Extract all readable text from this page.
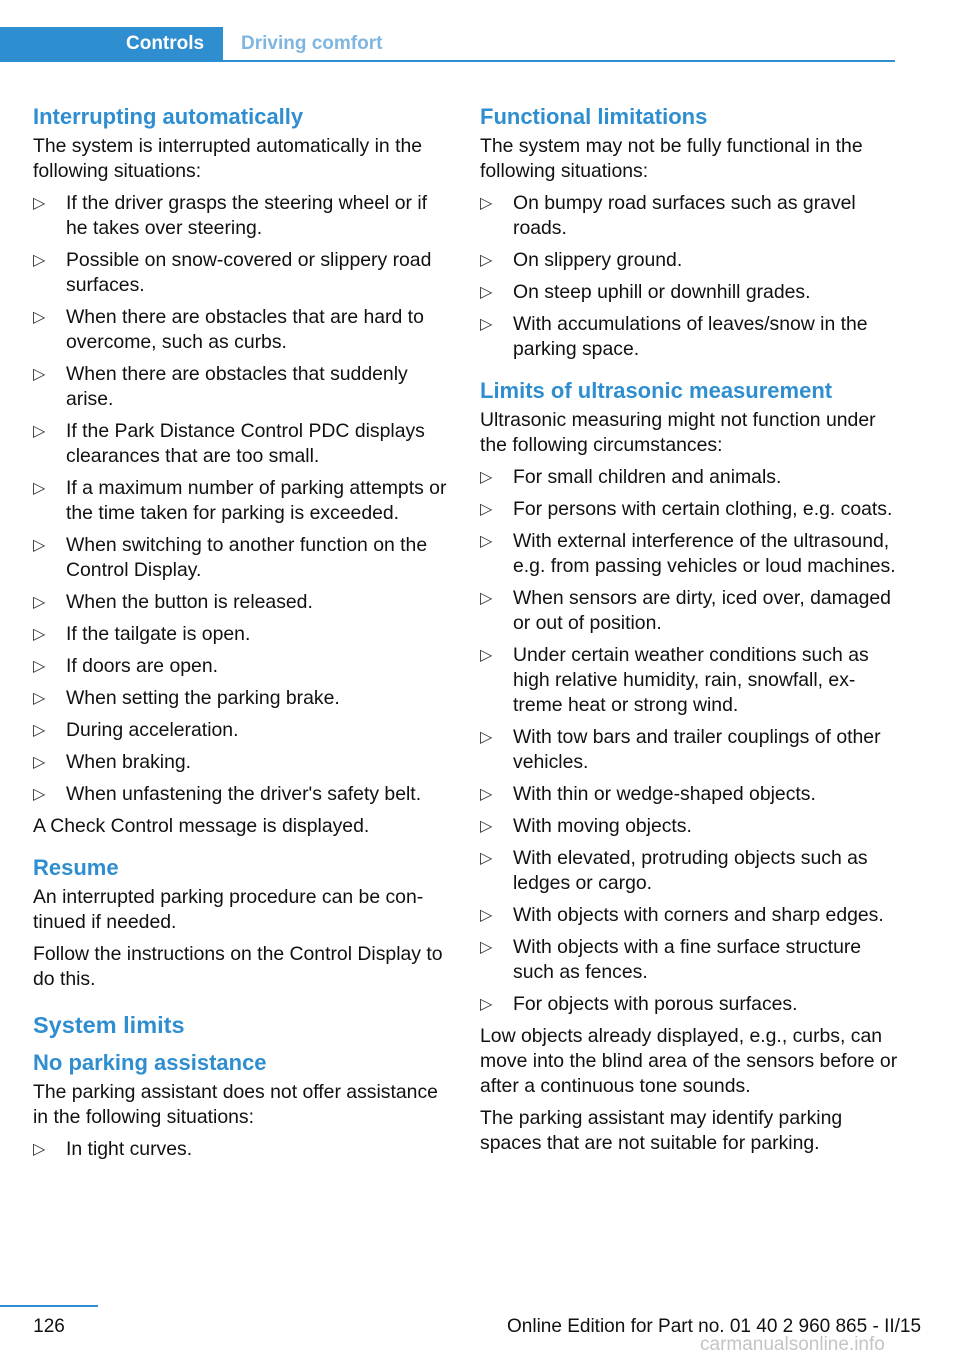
Controls	Driving comfort
Interrupting automatically

The system is interrupted automatically in the following situations:

▷	If the driver grasps the steering wheel or if he takes over steering.
▷	Possible on snow-covered or slippery road surfaces.
▷	When there are obstacles that are hard to overcome, such as curbs.
▷	When there are obstacles that suddenly arise.
▷	If the Park Distance Control PDC displays clearances that are too small.
▷	If a maximum number of parking attempts or the time taken for parking is exceeded.
▷	When switching to another function on the Control Display.
▷	When the button is released.
▷	If the tailgate is open.
▷	If doors are open.
▷	When setting the parking brake.
▷	During acceleration.
▷	When braking.
▷	When unfastening the driver's safety belt.

A Check Control message is displayed.

Resume

An interrupted parking procedure can be continued if needed.

Follow the instructions on the Control Display to do this.

System limits
No parking assistance

The parking assistant does not offer assistance in the following situations:

▷	In tight curves.
Functional limitations

The system may not be fully functional in the following situations:

▷	On bumpy road surfaces such as gravel roads.
▷	On slippery ground.
▷	On steep uphill or downhill grades.
▷	With accumulations of leaves/snow in the parking space.
Limits of ultrasonic measurement

Ultrasonic measuring might not function under the following circumstances:

▷	For small children and animals.
▷	For persons with certain clothing, e.g. coats.
▷	With external interference of the ultrasound, e.g. from passing vehicles or loud machines.
▷	When sensors are dirty, iced over, damaged or out of position.
▷	Under certain weather conditions such as high relative humidity, rain, snowfall, extreme heat or strong wind.
▷	With tow bars and trailer couplings of other vehicles.
▷	With thin or wedge-shaped objects.
▷	With moving objects.
▷	With elevated, protruding objects such as ledges or cargo.
▷	With objects with corners and sharp edges.
▷	With objects with a fine surface structure such as fences.
▷	For objects with porous surfaces.

Low objects already displayed, e.g., curbs, can move into the blind area of the sensors before or after a continuous tone sounds.

The parking assistant may identify parking spaces that are not suitable for parking.

126	Online Edition for Part no. 01 40 2 960 865 - II/15
carmanualsonline.info
